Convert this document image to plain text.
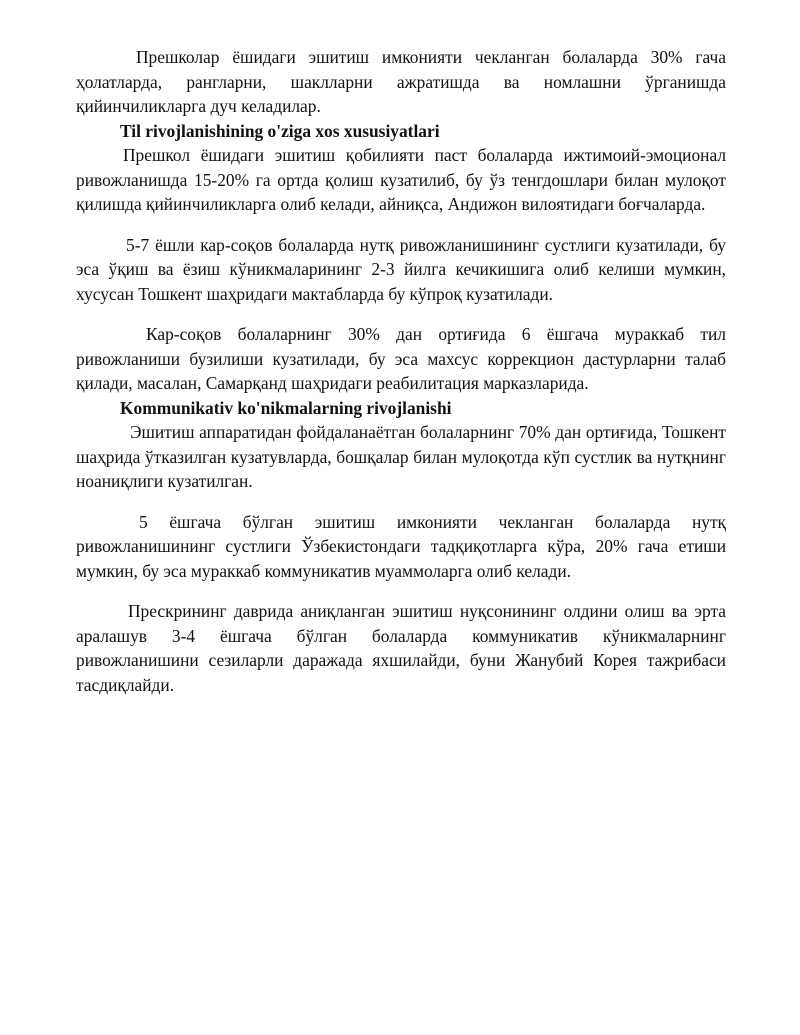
Прешколар ёшидаги эшитиш имконияти чекланган болаларда 30% гача ҳолатларда, рангларни, шаклларни ажратишда ва номлашни ўрганишда қийинчиликларга дуч келадилар.

Til rivojlanishining o'ziga xos xususiyatlari

Прешкол ёшидаги эшитиш қобилияти паст болаларда ижтимоий-эмоционал ривожланишда 15-20% га ортда қолиш кузатилиб, бу ўз тенгдошлари билан мулоқот қилишда қийинчиликларга олиб келади, айниқса, Андижон вилоятидаги боғчаларда.

5-7 ёшли кар-соқов болаларда нутқ ривожланишининг сустлиги кузатилади, бу эса ўқиш ва ёзиш кўникмаларининг 2-3 йилга кечикишига олиб келиши мумкин, хусусан Тошкент шаҳридаги мактабларда бу кўпроқ кузатилади.

Кар-соқов болаларнинг 30% дан ортиғида 6 ёшгача мураккаб тил ривожланиши бузилиши кузатилади, бу эса махсус коррекцион дастурларни талаб қилади, масалан, Самарқанд шаҳридаги реабилитация марказларида.

Kommunikativ ko'nikmalarning rivojlanishi

Эшитиш аппаратидан фойдаланаётган болаларнинг 70% дан ортиғида, Тошкент шаҳрида ўтказилган кузатувларда, бошқалар билан мулоқотда кўп сустлик ва нутқнинг ноаниқлиги кузатилган.

5 ёшгача бўлган эшитиш имконияти чекланган болаларда нутқ ривожланишининг сустлиги Ўзбекистондаги тадқиқотларга кўра, 20% гача етиши мумкин, бу эса мураккаб коммуникатив муаммоларга олиб келади.

Прескрининг даврида аниқланган эшитиш нуқсонининг олдини олиш ва эрта аралашув 3-4 ёшгача бўлган болаларда коммуникатив кўникмаларнинг ривожланишини сезиларли даражада яхшилайди, буни Жанубий Корея тажрибаси тасдиқлайди.
